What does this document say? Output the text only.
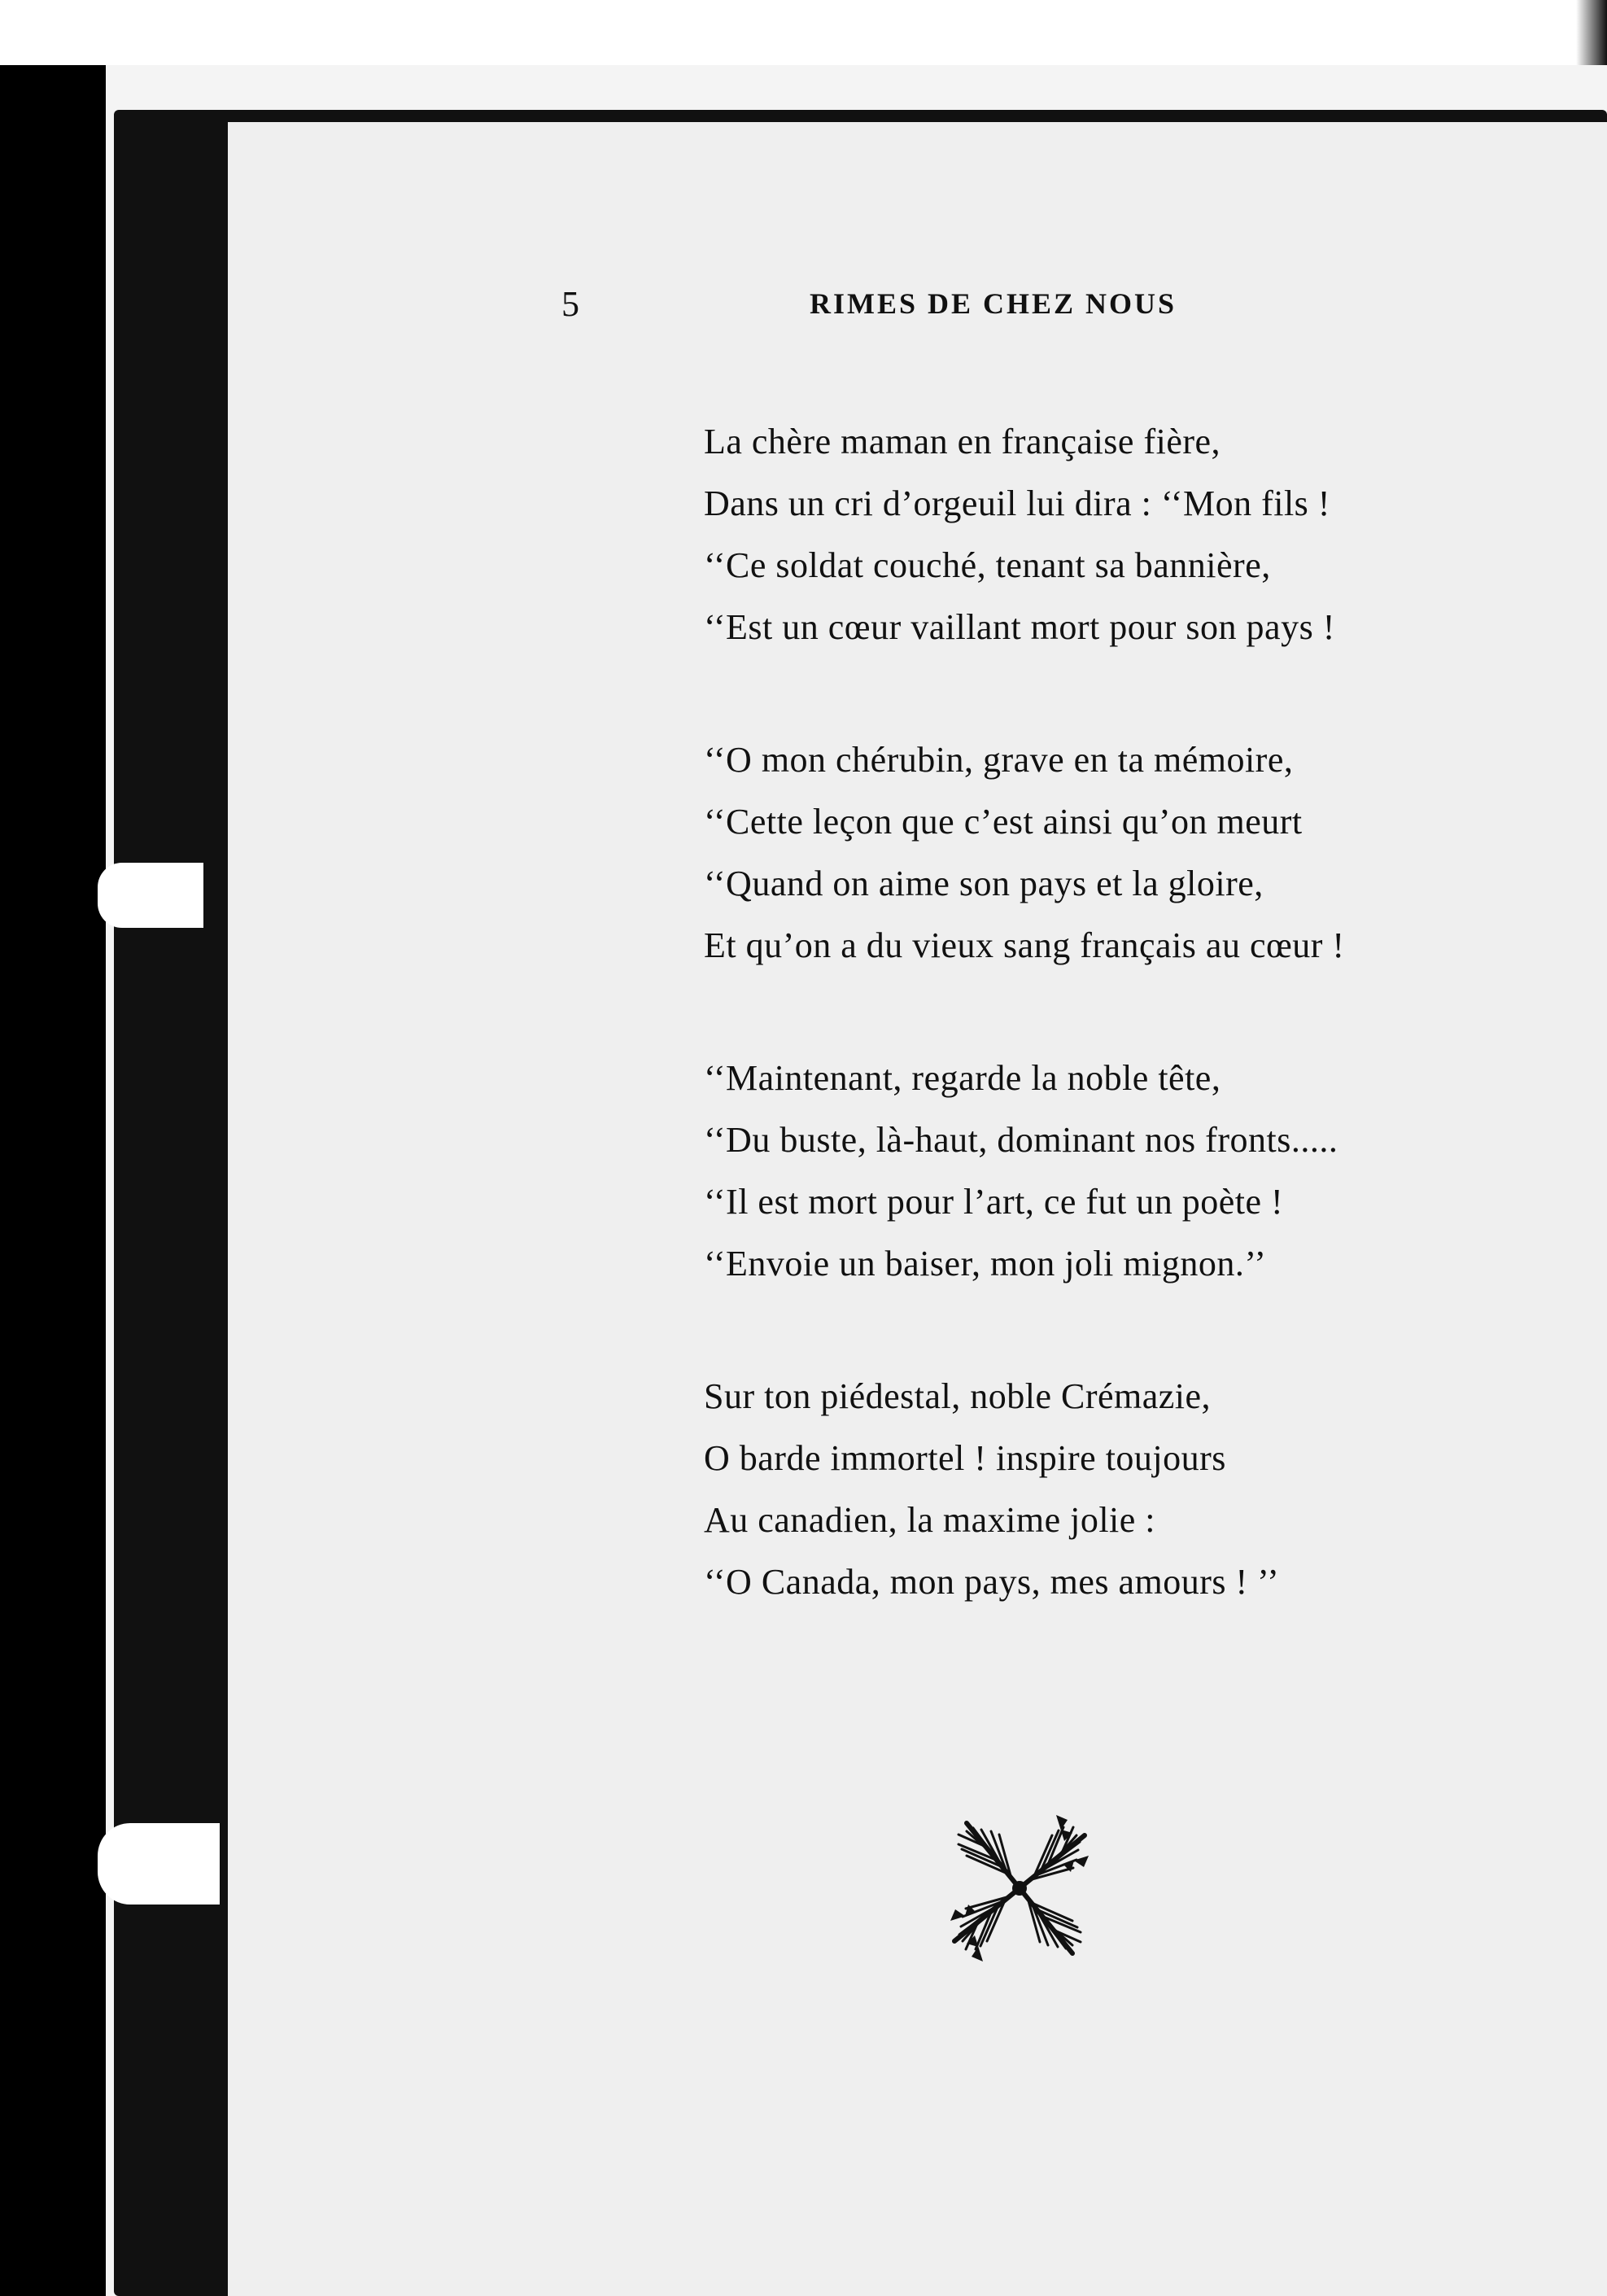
5	RIMES DE CHEZ NOUS
La chère maman en française fière,
Dans un cri d’orgeuil lui dira : ‘‘Mon fils !
‘‘Ce soldat couché, tenant sa bannière,
‘‘Est un cœur vaillant mort pour son pays !
‘‘O mon chérubin, grave en ta mémoire,
‘‘Cette leçon que c’est ainsi qu’on meurt
‘‘Quand on aime son pays et la gloire,
Et qu’on a du vieux sang français au cœur !
‘‘Maintenant, regarde la noble tête,
‘‘Du buste, là-haut, dominant nos fronts.....
‘‘Il est mort pour l’art, ce fut un poète !
‘‘Envoie un baiser, mon joli mignon.’’
Sur ton piédestal, noble Crémazie,
O barde immortel ! inspire toujours
Au canadien, la maxime jolie :
‘‘O Canada, mon pays, mes amours ! ’’
